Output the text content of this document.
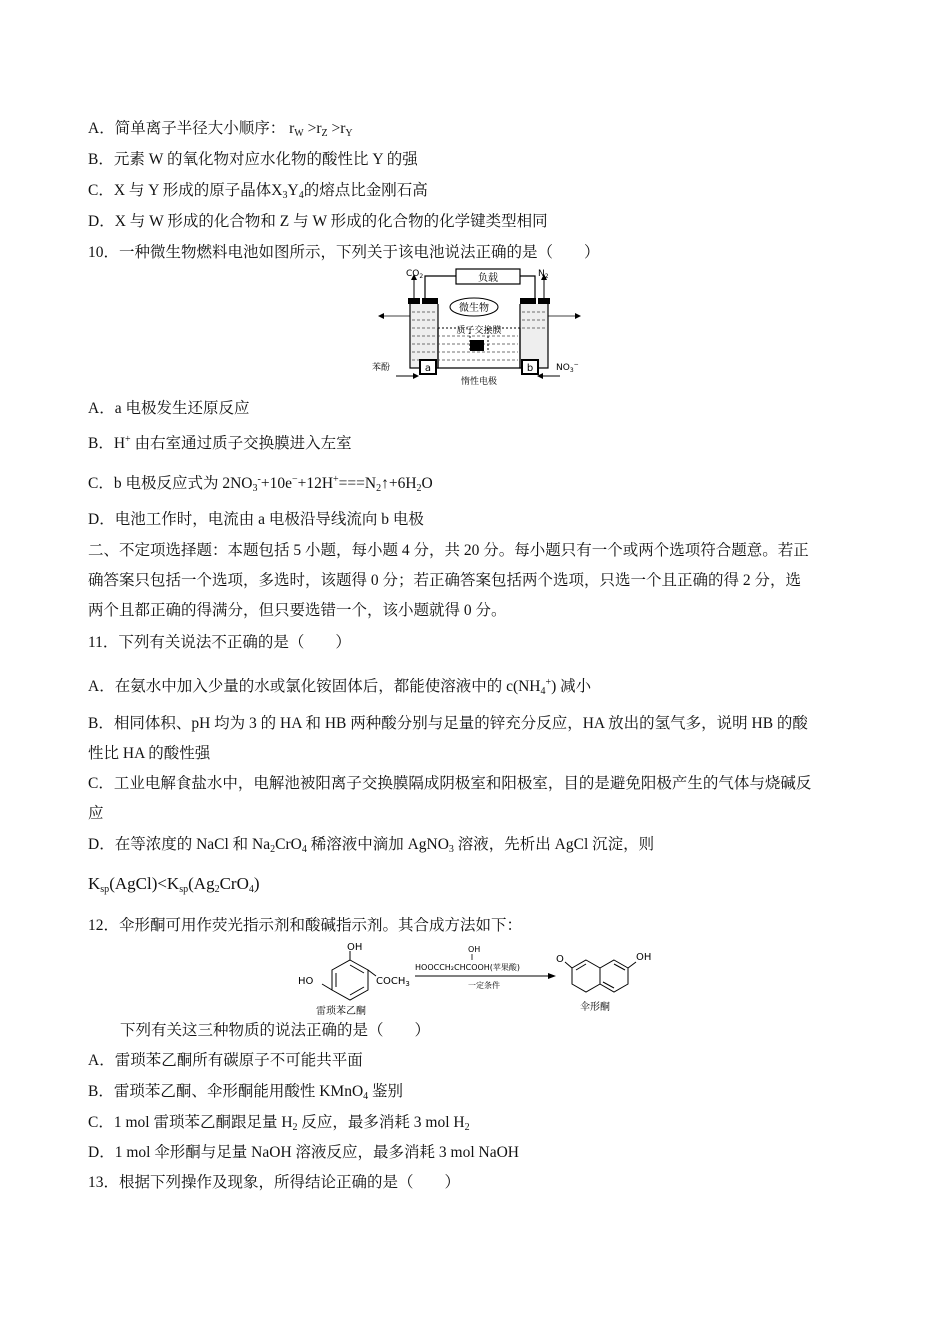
A．简单离子半径大小顺序： $r_W >r_Z >r_Y$
B．元素 W 的氧化物对应水化物的酸性比 Y 的强
C．X 与 Y 形成的原子晶体$X_3Y_4$的熔点比金刚石高
D．X 与 W 形成的化合物和 Z 与 W 形成的化合物的化学键类型相同
10．一种微生物燃料电池如图所示，下列关于该电池说法正确的是（　　）
负载
$CO_2$	$N_2$
微生物
质子交换膜
a	b
苯酚	$NO_3^-$
惰性电极
A．a 电极发生还原反应
B．H+ 由右室通过质子交换膜进入左室
C．b 电极反应式为 $2NO_3^-+10e^-+12H^+===N_2↑+6H_2O$
D．电池工作时，电流由 a 电极沿导线流向 b 电极
二、不定项选择题：本题包括 5 小题，每小题 4 分，共 20 分。每小题只有一个或两个选项符合题意。若正
确答案只包括一个选项，多选时，该题得 0 分；若正确答案包括两个选项，只选一个且正确的得 2 分，选
两个且都正确的得满分，但只要选错一个，该小题就得 0 分。
11．下列有关说法不正确的是（　　）
A．在氨水中加入少量的水或氯化铵固体后，都能使溶液中的 $c(NH_4^+)$ 减小
B．相同体积、pH 均为 3 的 HA 和 HB 两种酸分别与足量的锌充分反应，HA 放出的氢气多，说明 HB 的酸
性比 HA 的酸性强
C．工业电解食盐水中，电解池被阳离子交换膜隔成阴极室和阳极室，目的是避免阳极产生的气体与烧碱反
应
D．在等浓度的 NaCl 和 $Na_2CrO_4$ 稀溶液中滴加 AgNO$_3$ 溶液，先析出 AgCl 沉淀，则
$K_{sp}(AgCl)<K_{sp}(Ag_2CrO_4)$
12．伞形酮可用作荧光指示剂和酸碱指示剂。其合成方法如下：
OH
HO	$COCH_3$
雷琐苯乙酮
OH
HOOCCH₂CHCOOH(苹果酸)
一定条件
O	OH
伞形酮
下列有关这三种物质的说法正确的是（　　）
A．雷琐苯乙酮所有碳原子不可能共平面
B．雷琐苯乙酮、伞形酮能用酸性 KMnO$_4$ 鉴别
C．1 mol 雷琐苯乙酮跟足量 $H_2$ 反应，最多消耗 3 mol $H_2$
D．1 mol 伞形酮与足量 NaOH 溶液反应，最多消耗 3 mol NaOH
13．根据下列操作及现象，所得结论正确的是（　　）
